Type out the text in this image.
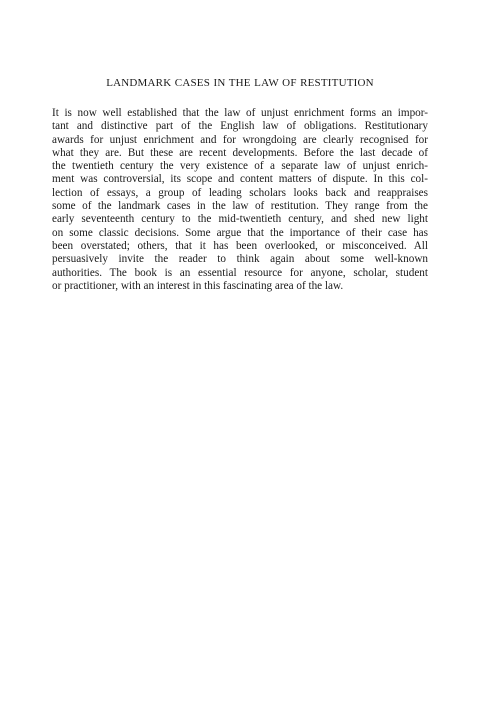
LANDMARK CASES IN THE LAW OF RESTITUTION
It is now well established that the law of unjust enrichment forms an impor-
tant and distinctive part of the English law of obligations. Restitutionary
awards for unjust enrichment and for wrongdoing are clearly recognised for
what they are. But these are recent developments. Before the last decade of
the twentieth century the very existence of a separate law of unjust enrich-
ment was controversial, its scope and content matters of dispute. In this col-
lection of essays, a group of leading scholars looks back and reappraises
some of the landmark cases in the law of restitution. They range from the
early seventeenth century to the mid-twentieth century, and shed new light
on some classic decisions. Some argue that the importance of their case has
been overstated; others, that it has been overlooked, or misconceived. All
persuasively invite the reader to think again about some well-known
authorities. The book is an essential resource for anyone, scholar, student
or practitioner, with an interest in this fascinating area of the law.
